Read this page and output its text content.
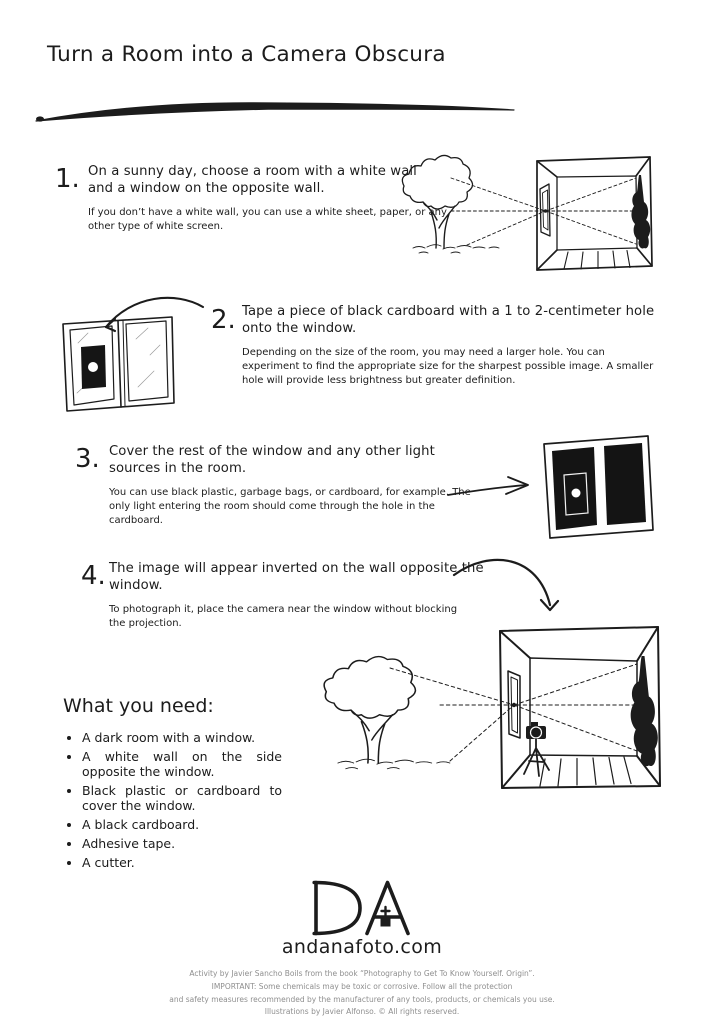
Turn a Room into a Camera Obscura
1. On a sunny day, choose a room with a white wall and a window on the opposite wall.
If you don’t have a white wall, you can use a white sheet, paper, or any other type of white screen.
2. Tape a piece of black cardboard with a 1 to 2-centimeter hole onto the window.
Depending on the size of the room, you may need a larger hole. You can experiment to find the appropriate size for the sharpest possible image. A smaller hole will provide less brightness but greater definition.
3. Cover the rest of the window and any other light sources in the room.
You can use black plastic, garbage bags, or cardboard, for example. The only light entering the room should come through the hole in the cardboard.
4. The image will appear inverted on the wall opposite the window.
To photograph it, place the camera near the window without blocking the projection.
What you need:
• A dark room with a window.
• A white wall on the side opposite the window.
• Black plastic or cardboard to cover the window.
• A black cardboard.
• Adhesive tape.
• A cutter.
andanafoto.com
Activity by Javier Sancho Boils from the book “Photography to Get To Know Yourself. Origin”.
IMPORTANT: Some chemicals may be toxic or corrosive. Follow all the protection
and safety measures recommended by the manufacturer of any tools, products, or chemicals you use.
Illustrations by Javier Alfonso. © All rights reserved.
